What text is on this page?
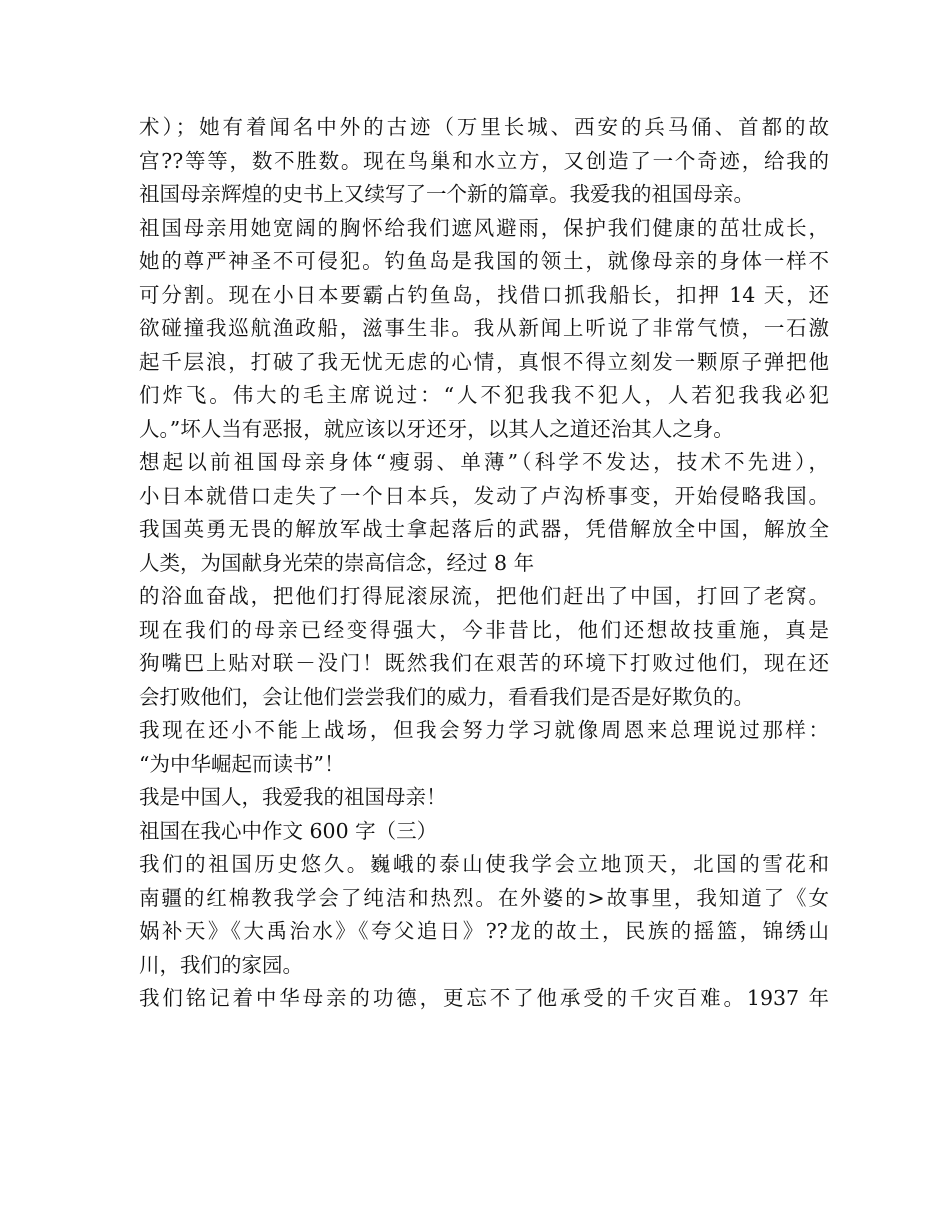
术）；她有着闻名中外的古迹（万里长城、西安的兵马俑、首都的故
宫??等等，数不胜数。现在鸟巢和水立方，又创造了一个奇迹，给我的
祖国母亲辉煌的史书上又续写了一个新的篇章。我爱我的祖国母亲。
祖国母亲用她宽阔的胸怀给我们遮风避雨，保护我们健康的茁壮成长，
她的尊严神圣不可侵犯。钓鱼岛是我国的领土，就像母亲的身体一样不
可分割。现在小日本要霸占钓鱼岛，找借口抓我船长，扣押 14 天，还
欲碰撞我巡航渔政船，滋事生非。我从新闻上听说了非常气愤，一石激
起千层浪，打破了我无忧无虑的心情，真恨不得立刻发一颗原子弹把他
们炸飞。伟大的毛主席说过：“人不犯我我不犯人，人若犯我我必犯
人。”坏人当有恶报，就应该以牙还牙，以其人之道还治其人之身。
想起以前祖国母亲身体“瘦弱、单薄”（科学不发达，技术不先进），
小日本就借口走失了一个日本兵，发动了卢沟桥事变，开始侵略我国。
我国英勇无畏的解放军战士拿起落后的武器，凭借解放全中国，解放全
人类，为国献身光荣的崇高信念，经过 8 年
的浴血奋战，把他们打得屁滚尿流，把他们赶出了中国，打回了老窝。
现在我们的母亲已经变得强大，今非昔比，他们还想故技重施，真是
狗嘴巴上贴对联－没门！既然我们在艰苦的环境下打败过他们，现在还
会打败他们，会让他们尝尝我们的威力，看看我们是否是好欺负的。
我现在还小不能上战场，但我会努力学习就像周恩来总理说过那样：
“为中华崛起而读书”！
我是中国人，我爱我的祖国母亲！
祖国在我心中作文 600 字（三）
我们的祖国历史悠久。巍峨的泰山使我学会立地顶天，北国的雪花和
南疆的红棉教我学会了纯洁和热烈。在外婆的>故事里，我知道了《女
娲补天》《大禹治水》《夸父追日》??龙的故土，民族的摇篮，锦绣山
川，我们的家园。
我们铭记着中华母亲的功德，更忘不了他承受的千灾百难。1937 年
